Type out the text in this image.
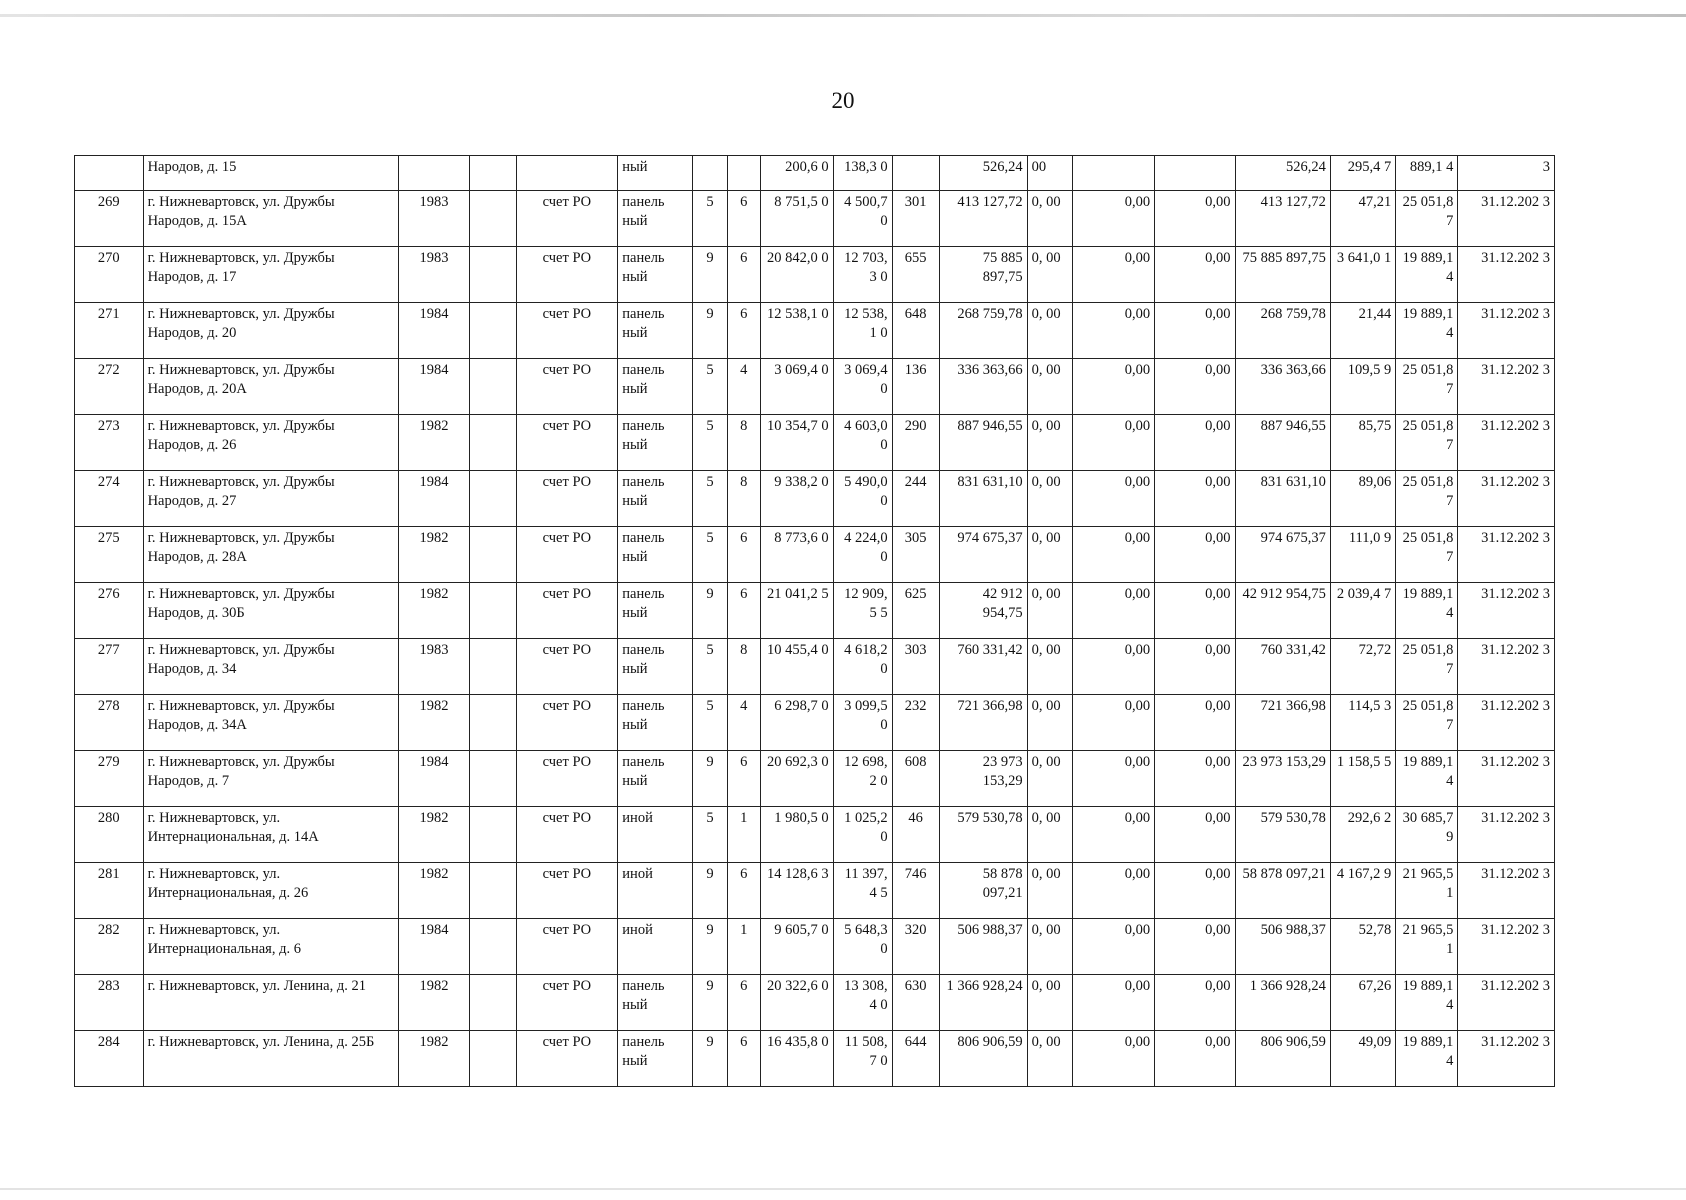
20
	Народов, д. 15				ный			200,6 0	138,3 0		526,24	00			526,24	295,4 7	889,1 4	3
269	г. Нижневартовск, ул. Дружбы Народов, д. 15А	1983		счет РО	панель ный	5	6	8 751,5 0	4 500,7 0	301	413 127,72	0, 00	0,00	0,00	413 127,72	47,21	25 051,8 7	31.12.202 3
270	г. Нижневартовск, ул. Дружбы Народов, д. 17	1983		счет РО	панель ный	9	6	20 842,0 0	12 703,3 0	655	75 885 897,75	0, 00	0,00	0,00	75 885 897,75	3 641,0 1	19 889,1 4	31.12.202 3
271	г. Нижневартовск, ул. Дружбы Народов, д. 20	1984		счет РО	панель ный	9	6	12 538,1 0	12 538,1 0	648	268 759,78	0, 00	0,00	0,00	268 759,78	21,44	19 889,1 4	31.12.202 3
272	г. Нижневартовск, ул. Дружбы Народов, д. 20А	1984		счет РО	панель ный	5	4	3 069,4 0	3 069,4 0	136	336 363,66	0, 00	0,00	0,00	336 363,66	109,5 9	25 051,8 7	31.12.202 3
273	г. Нижневартовск, ул. Дружбы Народов, д. 26	1982		счет РО	панель ный	5	8	10 354,7 0	4 603,0 0	290	887 946,55	0, 00	0,00	0,00	887 946,55	85,75	25 051,8 7	31.12.202 3
274	г. Нижневартовск, ул. Дружбы Народов, д. 27	1984		счет РО	панель ный	5	8	9 338,2 0	5 490,0 0	244	831 631,10	0, 00	0,00	0,00	831 631,10	89,06	25 051,8 7	31.12.202 3
275	г. Нижневартовск, ул. Дружбы Народов, д. 28А	1982		счет РО	панель ный	5	6	8 773,6 0	4 224,0 0	305	974 675,37	0, 00	0,00	0,00	974 675,37	111,0 9	25 051,8 7	31.12.202 3
276	г. Нижневартовск, ул. Дружбы Народов, д. 30Б	1982		счет РО	панель ный	9	6	21 041,2 5	12 909,5 5	625	42 912 954,75	0, 00	0,00	0,00	42 912 954,75	2 039,4 7	19 889,1 4	31.12.202 3
277	г. Нижневартовск, ул. Дружбы Народов, д. 34	1983		счет РО	панель ный	5	8	10 455,4 0	4 618,2 0	303	760 331,42	0, 00	0,00	0,00	760 331,42	72,72	25 051,8 7	31.12.202 3
278	г. Нижневартовск, ул. Дружбы Народов, д. 34А	1982		счет РО	панель ный	5	4	6 298,7 0	3 099,5 0	232	721 366,98	0, 00	0,00	0,00	721 366,98	114,5 3	25 051,8 7	31.12.202 3
279	г. Нижневартовск, ул. Дружбы Народов, д. 7	1984		счет РО	панель ный	9	6	20 692,3 0	12 698,2 0	608	23 973 153,29	0, 00	0,00	0,00	23 973 153,29	1 158,5 5	19 889,1 4	31.12.202 3
280	г. Нижневартовск, ул. Интернациональная, д. 14А	1982		счет РО	иной	5	1	1 980,5 0	1 025,2 0	46	579 530,78	0, 00	0,00	0,00	579 530,78	292,6 2	30 685,7 9	31.12.202 3
281	г. Нижневартовск, ул. Интернациональная, д. 26	1982		счет РО	иной	9	6	14 128,6 3	11 397,4 5	746	58 878 097,21	0, 00	0,00	0,00	58 878 097,21	4 167,2 9	21 965,5 1	31.12.202 3
282	г. Нижневартовск, ул. Интернациональная, д. 6	1984		счет РО	иной	9	1	9 605,7 0	5 648,3 0	320	506 988,37	0, 00	0,00	0,00	506 988,37	52,78	21 965,5 1	31.12.202 3
283	г. Нижневартовск, ул. Ленина, д. 21	1982		счет РО	панель ный	9	6	20 322,6 0	13 308,4 0	630	1 366 928,24	0, 00	0,00	0,00	1 366 928,24	67,26	19 889,1 4	31.12.202 3
284	г. Нижневартовск, ул. Ленина, д. 25Б	1982		счет РО	панель ный	9	6	16 435,8 0	11 508,7 0	644	806 906,59	0, 00	0,00	0,00	806 906,59	49,09	19 889,1 4	31.12.202 3
